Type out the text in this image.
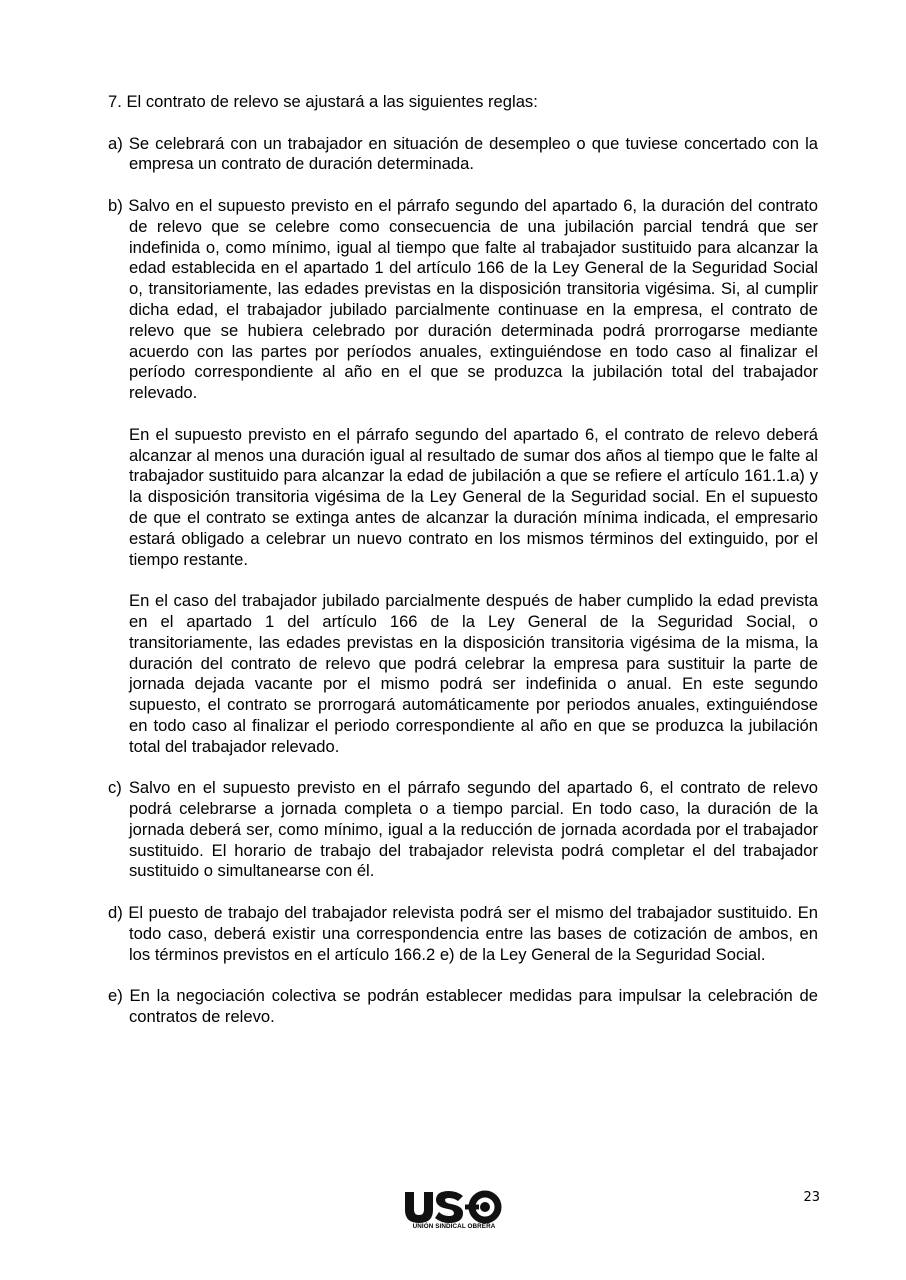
7. El contrato de relevo se ajustará a las siguientes reglas:

a) Se celebrará con un trabajador en situación de desempleo o que tuviese concertado con la empresa un contrato de duración determinada.

b) Salvo en el supuesto previsto en el párrafo segundo del apartado 6, la duración del contrato de relevo que se celebre como consecuencia de una jubilación parcial tendrá que ser indefinida o, como mínimo, igual al tiempo que falte al trabajador sustituido para alcanzar la edad establecida en el apartado 1 del artículo 166 de la Ley General de la Seguridad Social o, transitoriamente, las edades previstas en la disposición transitoria vigésima. Si, al cumplir dicha edad, el trabajador jubilado parcialmente continuase en la empresa, el contrato de relevo que se hubiera celebrado por duración determinada podrá prorrogarse mediante acuerdo con las partes por períodos anuales, extinguiéndose en todo caso al finalizar el período correspondiente al año en el que se produzca la jubilación total del trabajador relevado.

En el supuesto previsto en el párrafo segundo del apartado 6, el contrato de relevo deberá alcanzar al menos una duración igual al resultado de sumar dos años al tiempo que le falte al trabajador sustituido para alcanzar la edad de jubilación a que se refiere el artículo 161.1.a) y la disposición transitoria vigésima de la Ley General de la Seguridad social. En el supuesto de que el contrato se extinga antes de alcanzar la duración mínima indicada, el empresario estará obligado a celebrar un nuevo contrato en los mismos términos del extinguido, por el tiempo restante.

En el caso del trabajador jubilado parcialmente después de haber cumplido la edad prevista en el apartado 1 del artículo 166 de la Ley General de la Seguridad Social, o transitoriamente, las edades previstas en la disposición transitoria vigésima de la misma, la duración del contrato de relevo que podrá celebrar la empresa para sustituir la parte de jornada dejada vacante por el mismo podrá ser indefinida o anual. En este segundo supuesto, el contrato se prorrogará automáticamente por periodos anuales, extinguiéndose en todo caso al finalizar el periodo correspondiente al año en que se produzca la jubilación total del trabajador relevado.

c) Salvo en el supuesto previsto en el párrafo segundo del apartado 6, el contrato de relevo podrá celebrarse a jornada completa o a tiempo parcial. En todo caso, la duración de la jornada deberá ser, como mínimo, igual a la reducción de jornada acordada por el trabajador sustituido. El horario de trabajo del trabajador relevista podrá completar el del trabajador sustituido o simultanearse con él.

d) El puesto de trabajo del trabajador relevista podrá ser el mismo del trabajador sustituido. En todo caso, deberá existir una correspondencia entre las bases de cotización de ambos, en los términos previstos en el artículo 166.2 e) de la Ley General de la Seguridad Social.

e) En la negociación colectiva se podrán establecer medidas para impulsar la celebración de contratos de relevo.

UNIÓN SINDICAL OBRERA
23
